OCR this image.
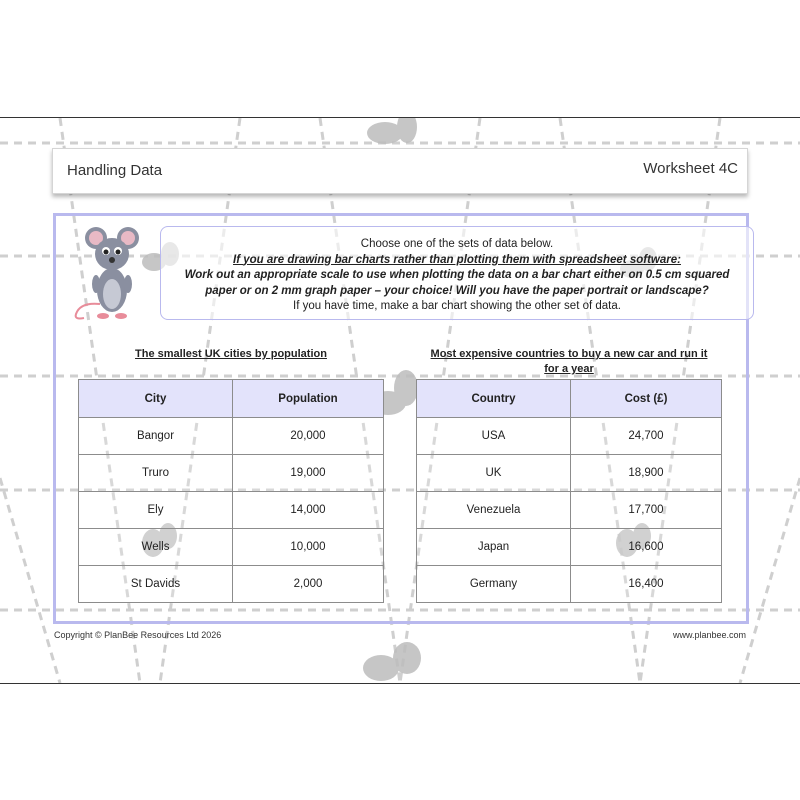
Handling Data	Worksheet 4C
Choose one of the sets of data below.
If you are drawing bar charts rather than plotting them with spreadsheet software:
Work out an appropriate scale to use when plotting the data on a bar chart either on 0.5 cm squared
paper or on 2 mm graph paper – your choice! Will you have the paper portrait or landscape?
If you have time, make a bar chart showing the other set of data.
The smallest UK cities by population
City	Population
Bangor	20,000
Truro	19,000
Ely	14,000
Wells	10,000
St Davids	2,000
Most expensive countries to buy a new car and run it
for a year
Country	Cost (£)
USA	24,700
UK	18,900
Venezuela	17,700
Japan	16,600
Germany	16,400
Copyright © PlanBee Resources Ltd 2026	www.planbee.com
